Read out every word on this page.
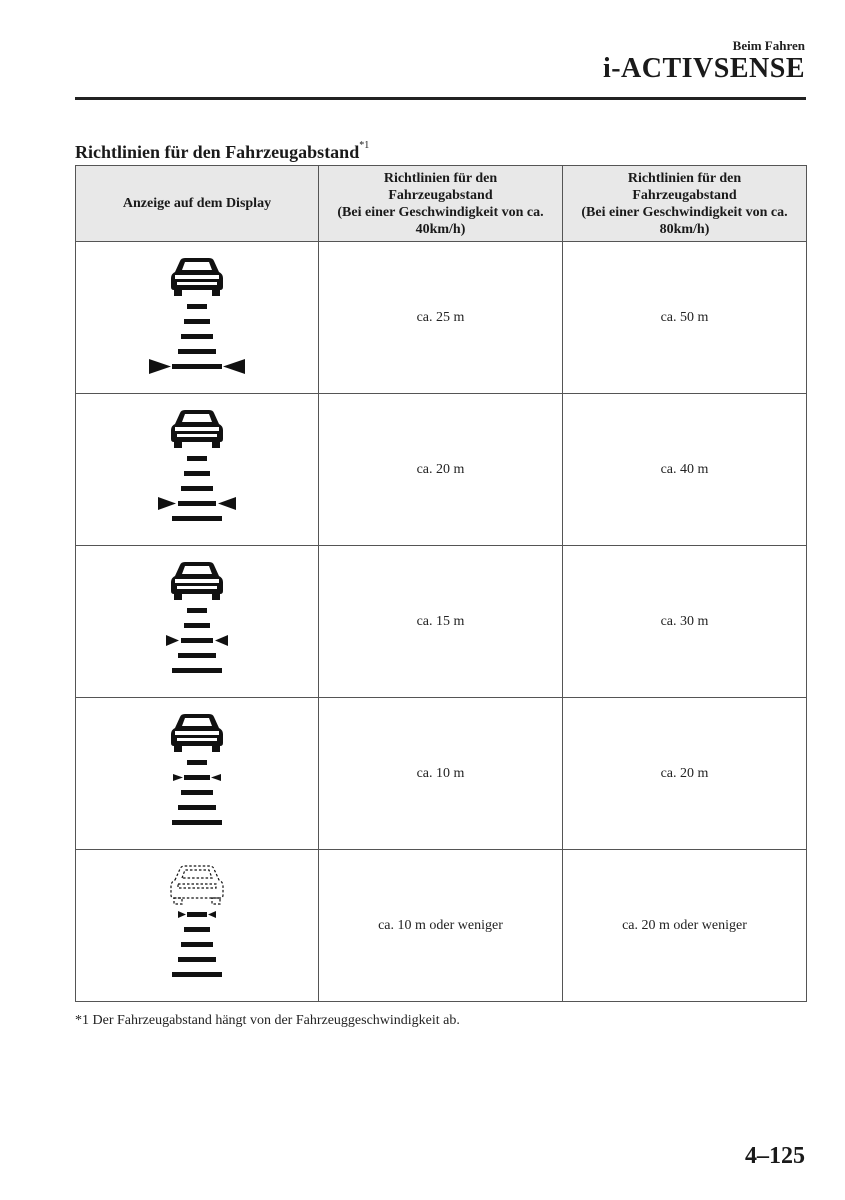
Beim Fahren
i-ACTIVSENSE
Richtlinien für den Fahrzeugabstand$^{*1}$
Anzeige auf dem Display	Richtlinien für den
Fahrzeugabstand
(Bei einer Geschwindigkeit von ca.
40km/h)	Richtlinien für den
Fahrzeugabstand
(Bei einer Geschwindigkeit von ca.
80km/h)

	ca. 25 m	ca. 50 m

	ca. 20 m	ca. 40 m

	ca. 15 m	ca. 30 m

	ca. 10 m	ca. 20 m

	ca. 10 m oder weniger	ca. 20 m oder weniger
*1 Der Fahrzeugabstand hängt von der Fahrzeuggeschwindigkeit ab.
4–125
